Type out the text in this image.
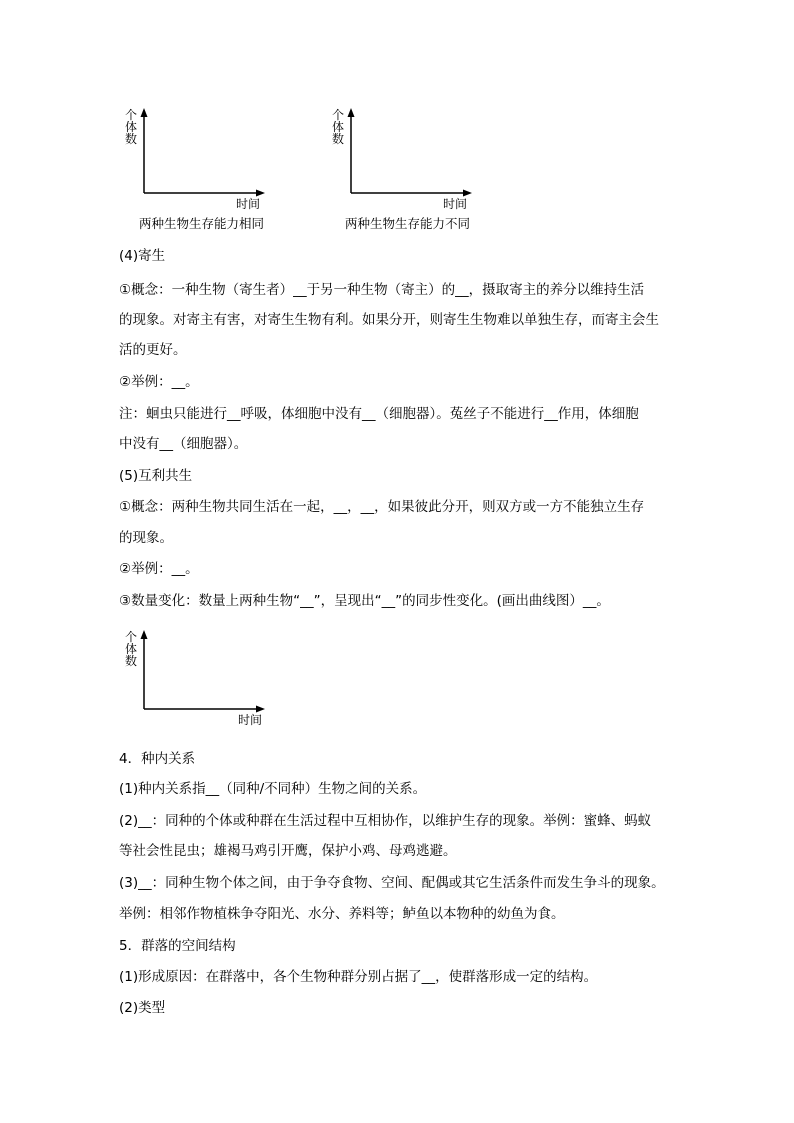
个体数
时间
两种生物生存能力相同
个体数
时间
两种生物生存能力不同
(4)寄生
①概念：一种生物（寄生者）__于另一种生物（寄主）的__，摄取寄主的养分以维持生活
的现象。对寄主有害，对寄生生物有利。如果分开，则寄生生物难以单独生存，而寄主会生
活的更好。
②举例：__。
注：蛔虫只能进行__呼吸，体细胞中没有__（细胞器）。菟丝子不能进行__作用，体细胞
中没有__（细胞器）。
(5)互利共生
①概念：两种生物共同生活在一起，__，__，如果彼此分开，则双方或一方不能独立生存
的现象。
②举例：__。
③数量变化：数量上两种生物“__”，呈现出“__”的同步性变化。(画出曲线图）__。
个体数
时间
4．种内关系
(1)种内关系指__（同种/不同种）生物之间的关系。
(2)__：同种的个体或种群在生活过程中互相协作，以维护生存的现象。举例：蜜蜂、蚂蚁
等社会性昆虫；雄褐马鸡引开鹰，保护小鸡、母鸡逃避。
(3)__：同种生物个体之间，由于争夺食物、空间、配偶或其它生活条件而发生争斗的现象。
举例：相邻作物植株争夺阳光、水分、养料等；鲈鱼以本物种的幼鱼为食。
5．群落的空间结构
(1)形成原因：在群落中，各个生物种群分别占据了__，使群落形成一定的结构。
(2)类型
